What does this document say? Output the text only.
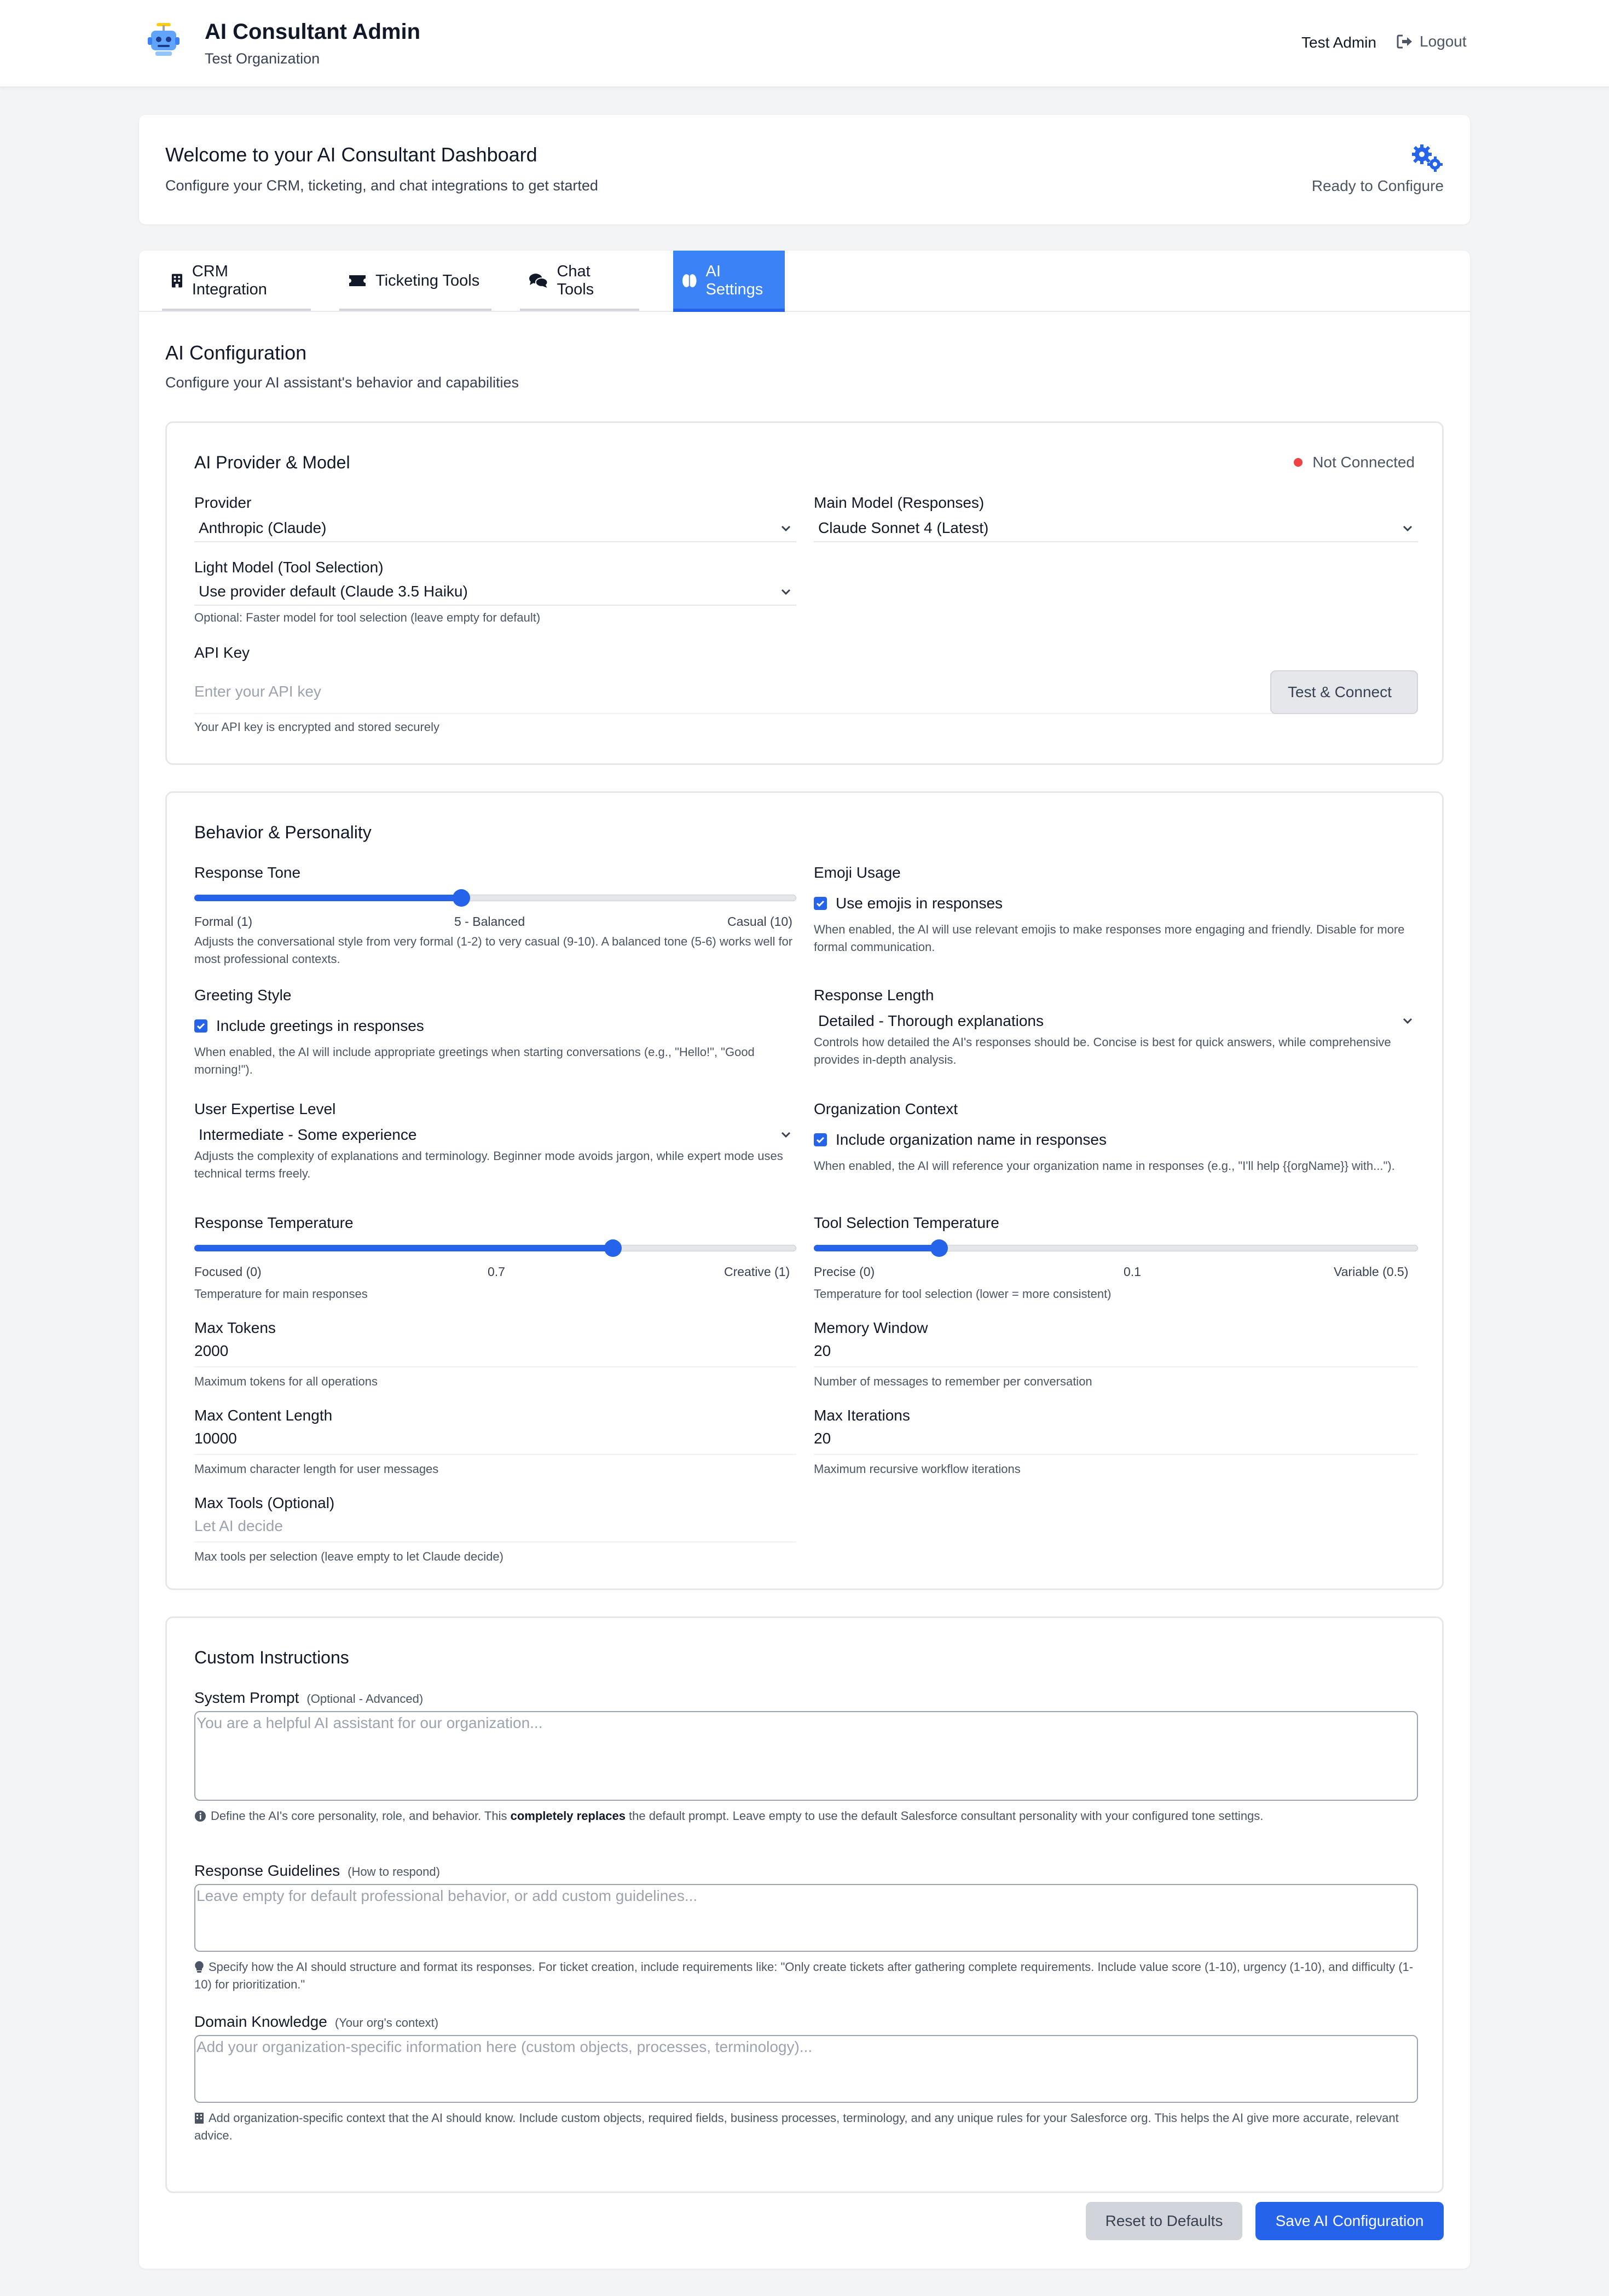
AI Consultant Admin
Test Organization
Test Admin	Logout
Welcome to your AI Consultant Dashboard

Configure your CRM, ticketing, and chat integrations to get started	Ready to Configure
CRM Integration
Ticketing Tools
Chat Tools
AI Settings
AI Configuration
Configure your AI assistant's behavior and capabilities
AI Provider & Model	Not Connected
Provider
Anthropic (Claude)
Main Model (Responses)
Claude Sonnet 4 (Latest)
Light Model (Tool Selection)
Use provider default (Claude 3.5 Haiku)
Optional: Faster model for tool selection (leave empty for default)
API Key
Enter your API key	Test & Connect
Your API key is encrypted and stored securely
Behavior & Personality
Response Tone
Formal (1)	5 - Balanced	Casual (10)
Adjusts the conversational style from very formal (1-2) to very casual (9-10). A balanced tone (5-6) works well for most professional contexts.
Emoji Usage
Use emojis in responses
When enabled, the AI will use relevant emojis to make responses more engaging and friendly. Disable for more formal communication.
Greeting Style
Include greetings in responses
When enabled, the AI will include appropriate greetings when starting conversations (e.g., "Hello!", "Good morning!").
Response Length
Detailed - Thorough explanations
Controls how detailed the AI's responses should be. Concise is best for quick answers, while comprehensive provides in-depth analysis.
User Expertise Level
Intermediate - Some experience
Adjusts the complexity of explanations and terminology. Beginner mode avoids jargon, while expert mode uses technical terms freely.
Organization Context
Include organization name in responses
When enabled, the AI will reference your organization name in responses (e.g., "I'll help {{orgName}} with...").
Response Temperature
Focused (0)	0.7	Creative (1)
Temperature for main responses
Tool Selection Temperature
Precise (0)	0.1	Variable (0.5)
Temperature for tool selection (lower = more consistent)
Max Tokens
2000
Maximum tokens for all operations
Memory Window
20
Number of messages to remember per conversation
Max Content Length
10000
Maximum character length for user messages
Max Iterations
20
Maximum recursive workflow iterations
Max Tools (Optional)
Let AI decide
Max tools per selection (leave empty to let Claude decide)
Custom Instructions
System Prompt (Optional - Advanced)
You are a helpful AI assistant for our organization...
Define the AI's core personality, role, and behavior. This completely replaces the default prompt. Leave empty to use the default Salesforce consultant personality with your configured tone settings.
Response Guidelines (How to respond)
Leave empty for default professional behavior, or add custom guidelines...
Specify how the AI should structure and format its responses. For ticket creation, include requirements like: "Only create tickets after gathering complete requirements. Include value score (1-10), urgency (1-10), and difficulty (1-10) for prioritization."
Domain Knowledge (Your org's context)
Add your organization-specific information here (custom objects, processes, terminology)...
Add organization-specific context that the AI should know. Include custom objects, required fields, business processes, terminology, and any unique rules for your Salesforce org. This helps the AI give more accurate, relevant advice.
Reset to Defaults	Save AI Configuration
